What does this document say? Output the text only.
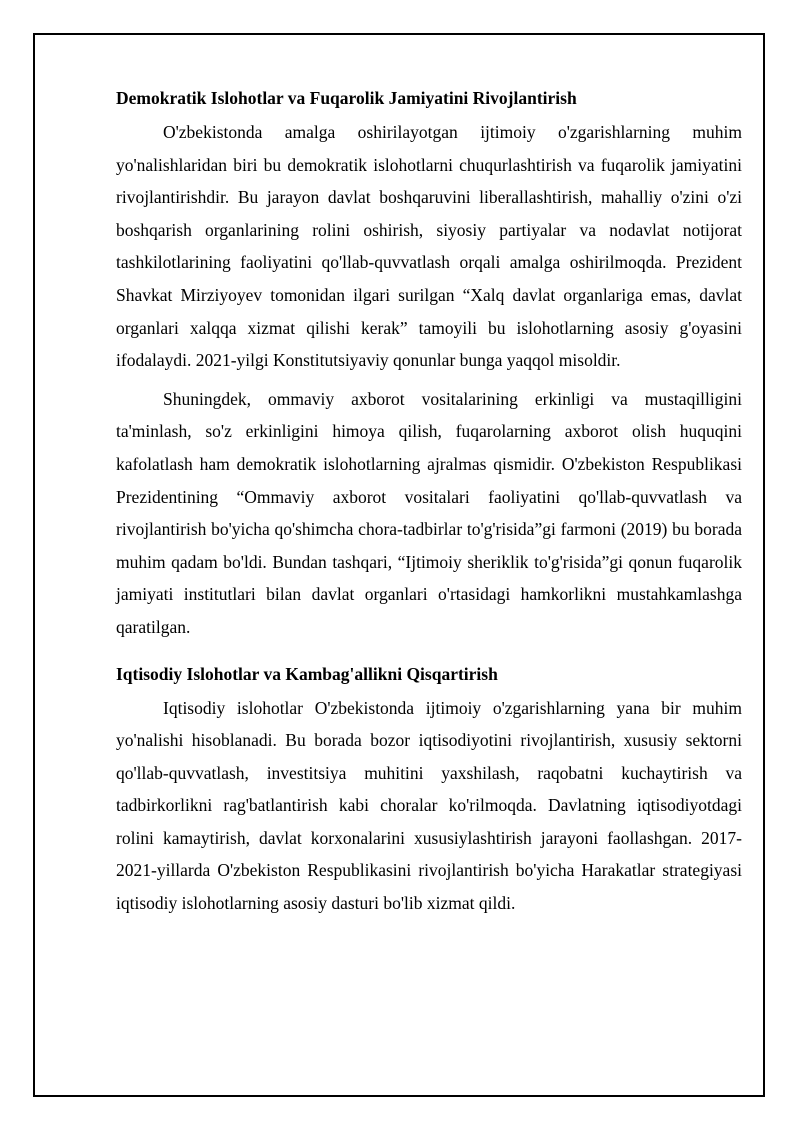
Demokratik Islohotlar va Fuqarolik Jamiyatini Rivojlantirish

O'zbekistonda amalga oshirilayotgan ijtimoiy o'zgarishlarning muhim yo'nalishlaridan biri bu demokratik islohotlarni chuqurlashtirish va fuqarolik jamiyatini rivojlantirishdir. Bu jarayon davlat boshqaruvini liberallashtirish, mahalliy o'zini o'zi boshqarish organlarining rolini oshirish, siyosiy partiyalar va nodavlat notijorat tashkilotlarining faoliyatini qo'llab-quvvatlash orqali amalga oshirilmoqda. Prezident Shavkat Mirziyoyev tomonidan ilgari surilgan “Xalq davlat organlariga emas, davlat organlari xalqqa xizmat qilishi kerak” tamoyili bu islohotlarning asosiy g'oyasini ifodalaydi. 2021-yilgi Konstitutsiyaviy qonunlar bunga yaqqol misoldir.

Shuningdek, ommaviy axborot vositalarining erkinligi va mustaqilligini ta'minlash, so'z erkinligini himoya qilish, fuqarolarning axborot olish huquqini kafolatlash ham demokratik islohotlarning ajralmas qismidir. O'zbekiston Respublikasi Prezidentining “Ommaviy axborot vositalari faoliyatini qo'llab-quvvatlash va rivojlantirish bo'yicha qo'shimcha chora-tadbirlar to'g'risida”gi farmoni (2019) bu borada muhim qadam bo'ldi. Bundan tashqari, “Ijtimoiy sheriklik to'g'risida”gi qonun fuqarolik jamiyati institutlari bilan davlat organlari o'rtasidagi hamkorlikni mustahkamlashga qaratilgan.

Iqtisodiy Islohotlar va Kambag'allikni Qisqartirish

Iqtisodiy islohotlar O'zbekistonda ijtimoiy o'zgarishlarning yana bir muhim yo'nalishi hisoblanadi. Bu borada bozor iqtisodiyotini rivojlantirish, xususiy sektorni qo'llab-quvvatlash, investitsiya muhitini yaxshilash, raqobatni kuchaytirish va tadbirkorlikni rag'batlantirish kabi choralar ko'rilmoqda. Davlatning iqtisodiyotdagi rolini kamaytirish, davlat korxonalarini xususiylashtirish jarayoni faollashgan. 2017-2021-yillarda O'zbekiston Respublikasini rivojlantirish bo'yicha Harakatlar strategiyasi iqtisodiy islohotlarning asosiy dasturi bo'lib xizmat qildi.
